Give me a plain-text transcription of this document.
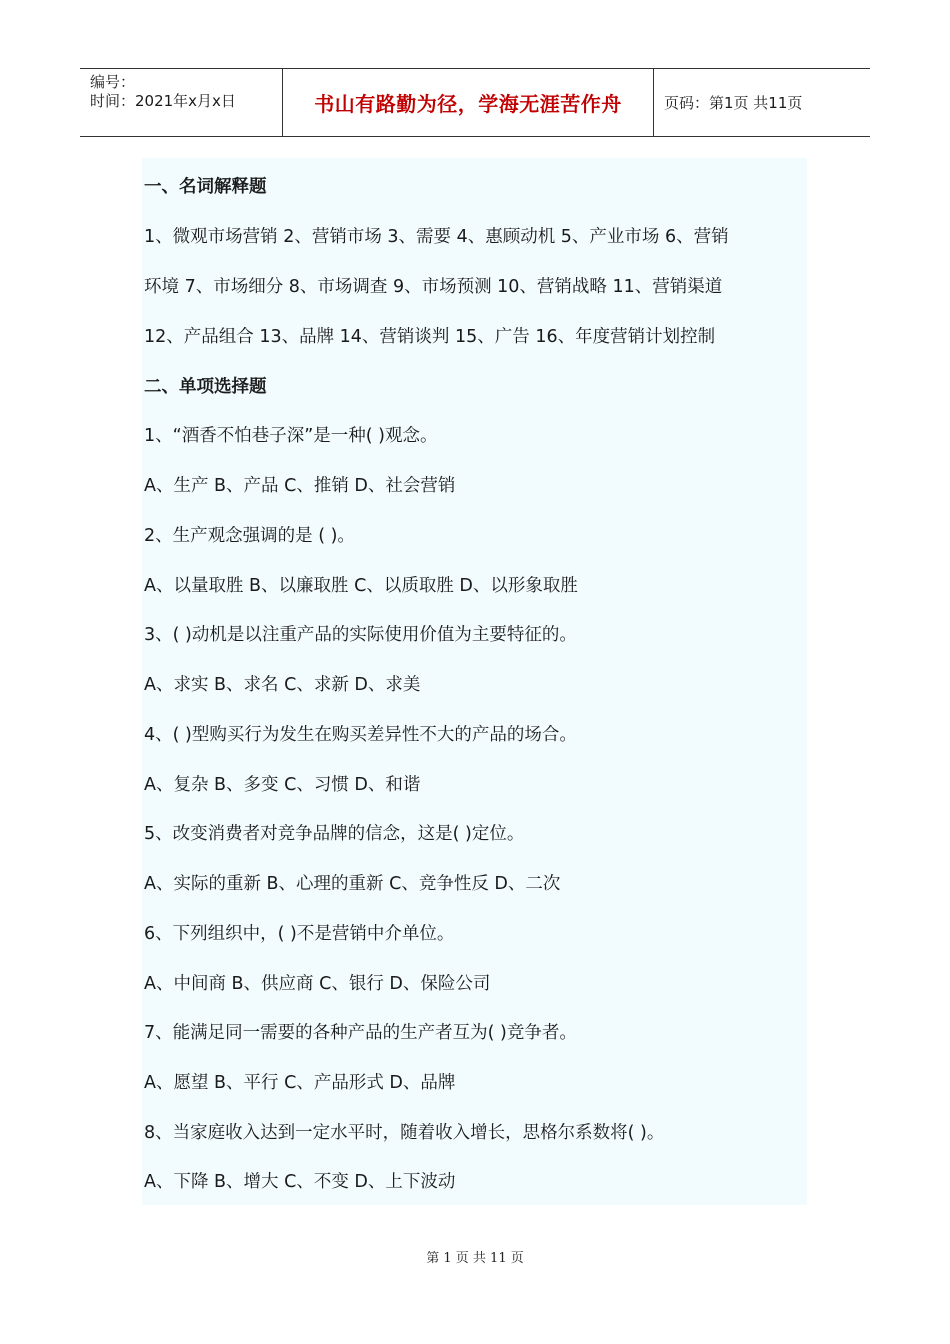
编号：
时间：2021年x月x日	书山有路勤为径，学海无涯苦作舟	页码：第1页 共11页
一、名词解释题
1、微观市场营销 2、营销市场 3、需要 4、惠顾动机 5、产业市场 6、营销
环境 7、市场细分 8、市场调查 9、市场预测 10、营销战略 11、营销渠道
12、产品组合 13、品牌 14、营销谈判 15、广告 16、年度营销计划控制
二、单项选择题
1、“酒香不怕巷子深”是一种( )观念。
A、生产 B、产品 C、推销 D、社会营销
2、生产观念强调的是 ( )。
A、以量取胜 B、以廉取胜 C、以质取胜 D、以形象取胜
3、( )动机是以注重产品的实际使用价值为主要特征的。
A、求实 B、求名 C、求新 D、求美
4、( )型购买行为发生在购买差异性不大的产品的场合。
A、复杂 B、多变 C、习惯 D、和谐
5、改变消费者对竞争品牌的信念，这是( )定位。
A、实际的重新 B、心理的重新 C、竞争性反 D、二次
6、下列组织中，( )不是营销中介单位。
A、中间商 B、供应商 C、银行 D、保险公司
7、能满足同一需要的各种产品的生产者互为( )竞争者。
A、愿望 B、平行 C、产品形式 D、品牌
8、当家庭收入达到一定水平时，随着收入增长，思格尔系数将( )。
A、下降 B、增大 C、不变 D、上下波动
第 1 页 共 11 页
